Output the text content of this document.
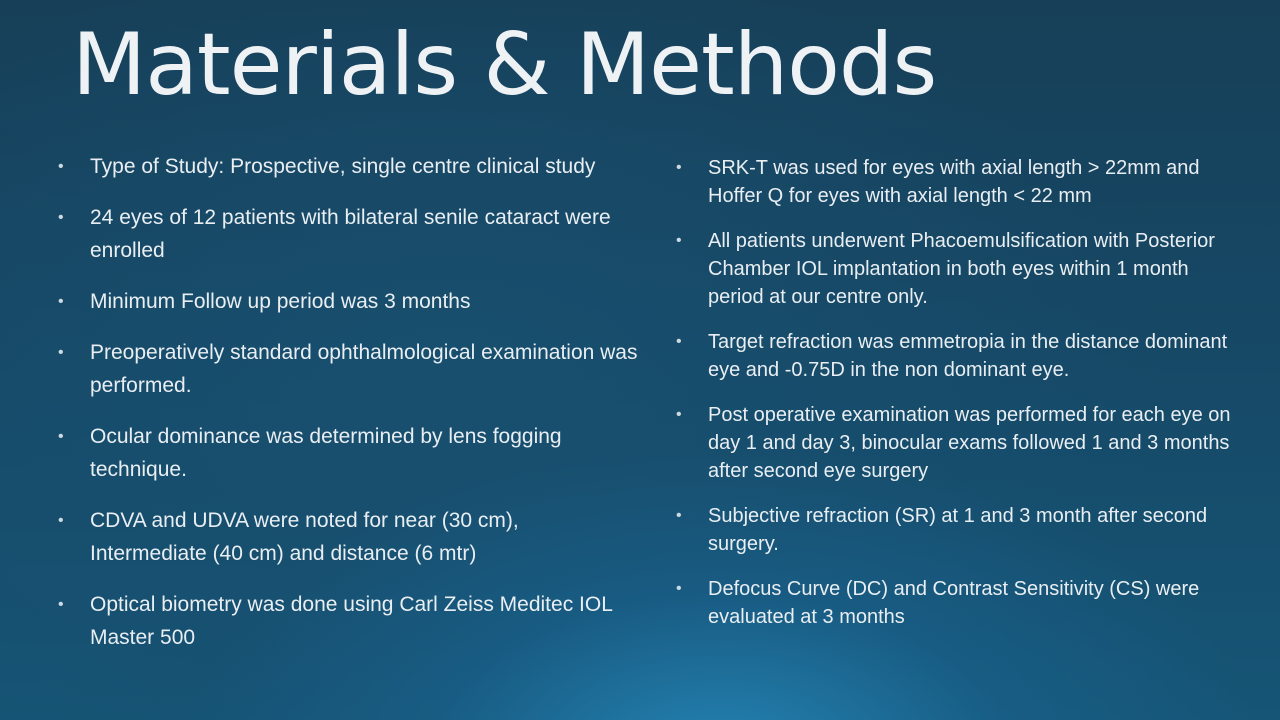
Materials & Methods
•	Type of Study: Prospective, single centre clinical study
•	24 eyes of 12 patients with bilateral senile cataract were enrolled
•	Minimum Follow up period was 3 months
•	Preoperatively standard ophthalmological examination was performed.
•	Ocular dominance was determined by lens fogging technique.
•	CDVA and UDVA were noted for near (30 cm), Intermediate (40 cm) and distance (6 mtr)
•	Optical biometry was done using Carl Zeiss Meditec IOL Master 500
•	SRK-T was used for eyes with axial length > 22mm and Hoffer Q for eyes with axial length < 22 mm
•	All patients underwent Phacoemulsification with Posterior Chamber IOL implantation in both eyes within 1 month period at our centre only.
•	Target refraction was emmetropia in the distance dominant eye and -0.75D in the non dominant eye.
•	Post operative examination was performed for each eye on day 1 and day 3, binocular exams followed 1 and 3 months after second eye surgery
•	Subjective refraction (SR) at 1 and 3 month after second surgery.
•	Defocus Curve (DC) and Contrast Sensitivity (CS) were evaluated at 3 months
